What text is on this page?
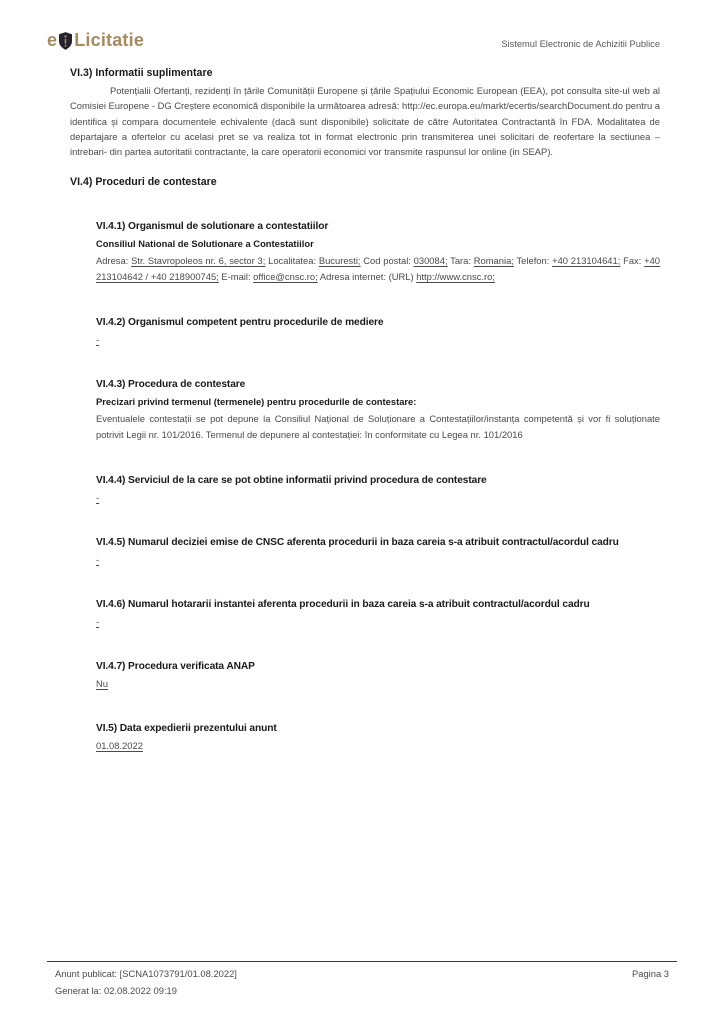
e Licitatie	Sistemul Electronic de Achizitii Publice
VI.3) Informatii suplimentare

Potențialii Ofertanți, rezidenți în țările Comunității Europene și țările Spațiului Economic European (EEA), pot consulta site-ul web al Comisiei Europene - DG Creștere economică disponibile la următoarea adresă: http://ec.europa.eu/markt/ecertis/searchDocument.do pentru a identifica și compara documentele echivalente (dacă sunt disponibile) solicitate de către Autoritatea Contractantă în FDA. Modalitatea de departajare a ofertelor cu acelasi pret se va realiza tot in format electronic prin transmiterea unei solicitari de reofertare la sectiunea – intrebari- din partea autoritatii contractante, la care operatorii economici vor transmite raspunsul lor online (in SEAP).

VI.4) Proceduri de contestare
VI.4.1) Organismul de solutionare a contestatiilor

Consiliul National de Solutionare a Contestatiilor

Adresa: Str. Stavropoleos nr. 6, sector 3; Localitatea: Bucuresti; Cod postal: 030084; Tara: Romania; Telefon: +40 213104641; Fax: +40 213104642 / +40 218900745; E-mail: office@cnsc.ro; Adresa internet: (URL) http://www.cnsc.ro;

VI.4.2) Organismul competent pentru procedurile de mediere

-

VI.4.3) Procedura de contestare

Precizari privind termenul (termenele) pentru procedurile de contestare:

Eventualele contestații se pot depune la Consiliul Național de Soluționare a Contestațiilor/instanța competentă și vor fi soluționate potrivit Legii nr. 101/2016. Termenul de depunere al contestației: în conformitate cu Legea nr. 101/2016

VI.4.4) Serviciul de la care se pot obtine informatii privind procedura de contestare

-

VI.4.5) Numarul deciziei emise de CNSC aferenta procedurii in baza careia s-a atribuit contractul/acordul cadru

-

VI.4.6) Numarul hotararii instantei aferenta procedurii in baza careia s-a atribuit contractul/acordul cadru

-

VI.4.7) Procedura verificata ANAP

Nu

VI.5) Data expedierii prezentului anunt

01.08.2022

Anunt publicat: [SCNA1073791/01.08.2022]	Pagina 3
Generat la: 02.08.2022 09:19
